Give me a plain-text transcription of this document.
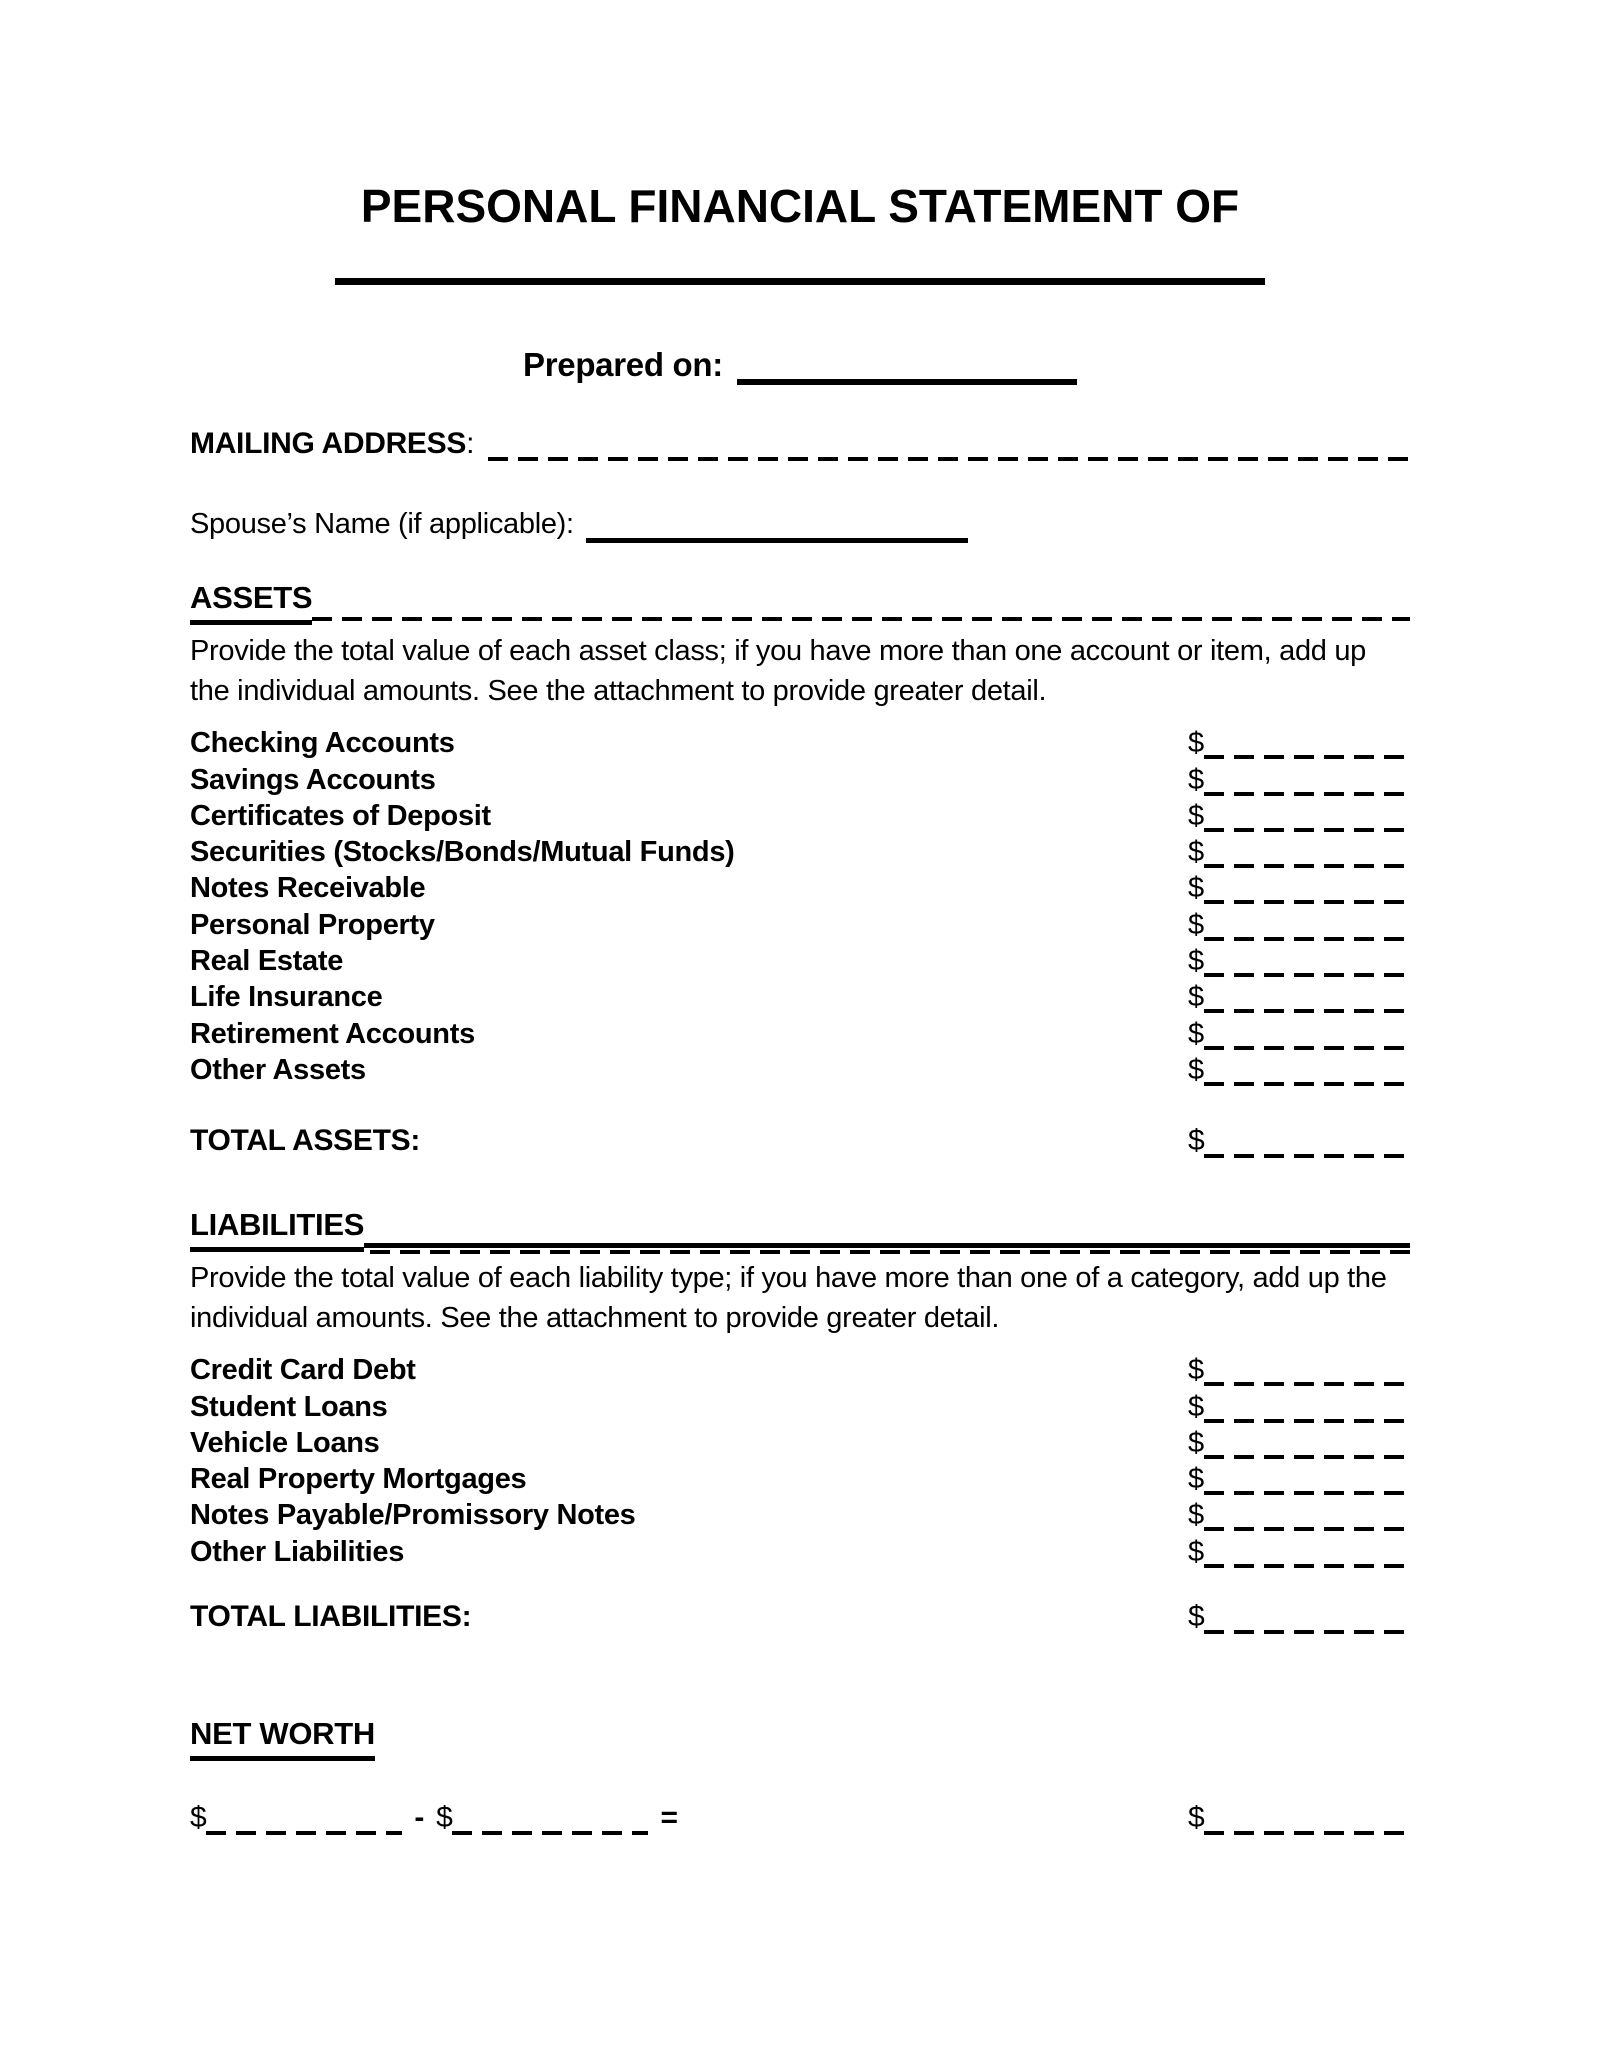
PERSONAL FINANCIAL STATEMENT OF
Prepared on:
MAILING ADDRESS :
Spouse’s Name (if applicable):
ASSETS
Provide the total value of each asset class; if you have more than one account or item, add up the individual amounts. See the attachment to provide greater detail.
Checking Accounts	$
Savings Accounts	$
Certificates of Deposit	$
Securities (Stocks/Bonds/Mutual Funds)	$
Notes Receivable	$
Personal Property	$
Real Estate	$
Life Insurance	$
Retirement Accounts	$
Other Assets	$
TOTAL ASSETS:	$
LIABILITIES
Provide the total value of each liability type; if you have more than one of a category, add up the individual amounts. See the attachment to provide greater detail.
Credit Card Debt	$
Student Loans	$
Vehicle Loans	$
Real Property Mortgages	$
Notes Payable/Promissory Notes	$
Other Liabilities	$
TOTAL LIABILITIES:	$
NET WORTH
$	- $	=	$
